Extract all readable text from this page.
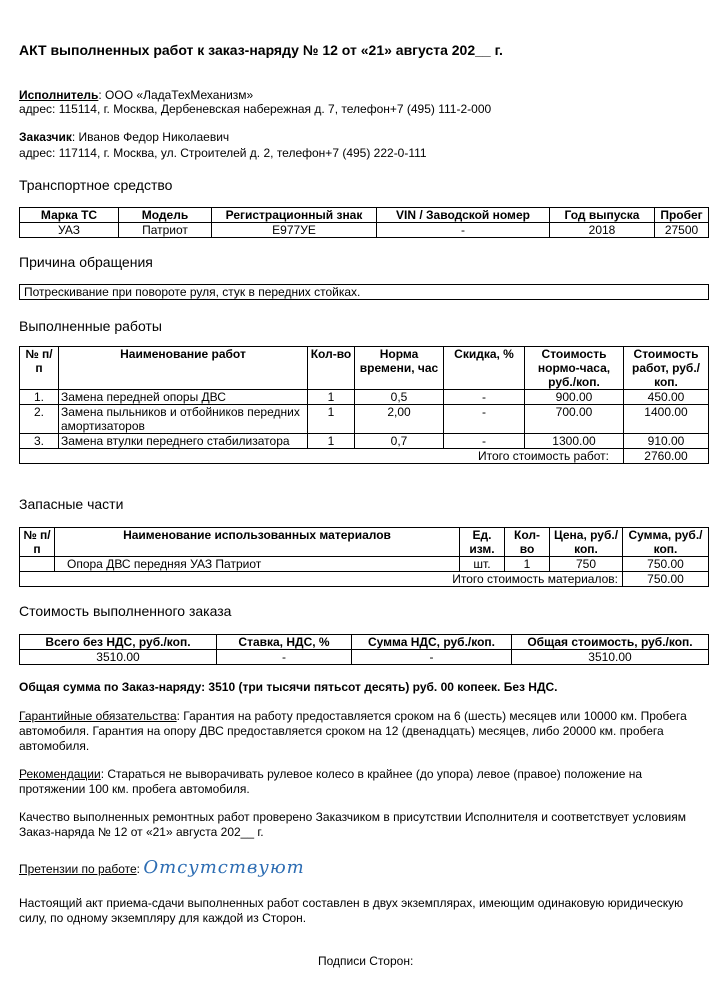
АКТ выполненных работ к заказ-наряду № 12 от «21» августа 202__ г.
Исполнитель: ООО «ЛадаТехМеханизм»
адрес: 115114, г. Москва, Дербеневская набережная д. 7, телефон+7 (495) 111-2-000
Заказчик: Иванов Федор Николаевич
адрес: 117114, г. Москва, ул. Строителей д. 2, телефон+7 (495) 222-0-111
Транспортное средство
Марка ТС	Модель	Регистрационный знак	VIN / Заводской номер	Год выпуска	Пробег
УАЗ	Патриот	Е977УЕ	-	2018	27500
Причина обращения
Потрескивание при повороте руля, стук в передних стойках.
Выполненные работы
№ п/п	Наименование работ	Кол-во	Норма времени, час	Скидка, %	Стоимость нормо-часа, руб./коп.	Стоимость работ, руб./коп.
1.	Замена передней опоры ДВС	1	0,5	-	900.00	450.00
2.	Замена пыльников и отбойников передних амортизаторов	1	2,00	-	700.00	1400.00
3.	Замена втулки переднего стабилизатора	1	0,7	-	1300.00	910.00
Итого стоимость работ:						2760.00
Запасные части
№ п/п	Наименование использованных материалов	Ед. изм.	Кол-во	Цена, руб./коп.	Сумма, руб./коп.
	Опора ДВС передняя УАЗ Патриот	шт.	1	750	750.00
Итого стоимость материалов:					750.00
Стоимость выполненного заказа
Всего без НДС, руб./коп.	Ставка, НДС, %	Сумма НДС, руб./коп.	Общая стоимость, руб./коп.
3510.00	-	-	3510.00
Общая сумма по Заказ-наряду: 3510 (три тысячи пятьсот десять) руб. 00 копеек. Без НДС.
Гарантийные обязательства: Гарантия на работу предоставляется сроком на 6 (шесть) месяцев или 10000 км. Пробега автомобиля. Гарантия на опору ДВС предоставляется сроком на 12 (двенадцать) месяцев, либо 20000 км. пробега автомобиля.
Рекомендации: Стараться не выворачивать рулевое колесо в крайнее (до упора) левое (правое) положение на протяжении 100 км. пробега автомобиля.
Качество выполненных ремонтных работ проверено Заказчиком в присутствии Исполнителя и соответствует условиям Заказ-наряда № 12 от «21» августа 202__ г.
Претензии по работе: Отсутствуют
Настоящий акт приема-сдачи выполненных работ составлен в двух экземплярах, имеющим одинаковую юридическую силу, по одному экземпляру для каждой из Сторон.
Подписи Сторон:
